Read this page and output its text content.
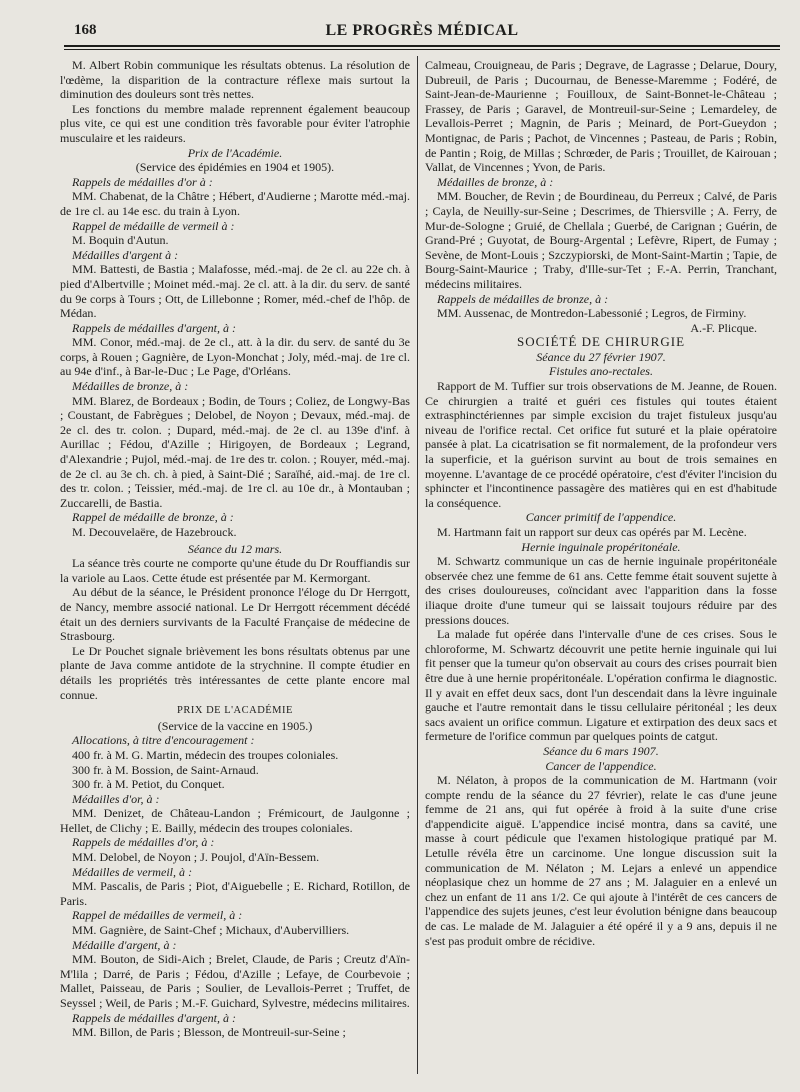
168	LE PROGRÈS MÉDICAL

M. Albert Robin communique les résultats obtenus. La résolution de l'œdème, la disparition de la contracture réflexe mais surtout la diminution des douleurs sont très nettes.

Les fonctions du membre malade reprennent également beaucoup plus vite, ce qui est une condition très favorable pour éviter l'atrophie musculaire et les raideurs.

Prix de l'Académie.

(Service des épidémies en 1904 et 1905).

Rappels de médailles d'or à :

MM. Chabenat, de la Châtre ; Hébert, d'Audierne ; Marotte méd.-maj. de 1re cl. au 14e esc. du train à Lyon.

Rappel de médaille de vermeil à :

M. Boquin d'Autun.

Médailles d'argent à :

MM. Battesti, de Bastia ; Malafosse, méd.-maj. de 2e cl. au 22e ch. à pied d'Albertville ; Moinet méd.-maj. 2e cl. att. à la dir. du serv. de santé du 9e corps à Tours ; Ott, de Lillebonne ; Romer, méd.-chef de l'hôp. de Médan.

Rappels de médailles d'argent, à :

MM. Conor, méd.-maj. de 2e cl., att. à la dir. du serv. de santé du 3e corps, à Rouen ; Gagnière, de Lyon-Monchat ; Joly, méd.-maj. de 1re cl. au 94e d'inf., à Bar-le-Duc ; Le Page, d'Orléans.

Médailles de bronze, à :

MM. Blarez, de Bordeaux ; Bodin, de Tours ; Coliez, de Longwy-Bas ; Coustant, de Fabrègues ; Delobel, de Noyon ; Devaux, méd.-maj. de 2e cl. des tr. colon. ; Dupard, méd.-maj. de 2e cl. au 139e d'inf. à Aurillac ; Fédou, d'Azille ; Hirigoyen, de Bordeaux ; Legrand, d'Alexandrie ; Pujol, méd.-maj. de 1re des tr. colon. ; Rouyer, méd.-maj. de 2e cl. au 3e ch. ch. à pied, à Saint-Dié ; Saraïhé, aid.-maj. de 1re cl. des tr. colon. ; Teissier, méd.-maj. de 1re cl. au 10e dr., à Montauban ; Zuccarelli, de Bastia.

Rappel de médaille de bronze, à :

M. Decouvelaëre, de Hazebrouck.

Séance du 12 mars.

La séance très courte ne comporte qu'une étude du Dr Rouffiandis sur la variole au Laos. Cette étude est présentée par M. Kermorgant.

Au début de la séance, le Président prononce l'éloge du Dr Herrgott, de Nancy, membre associé national. Le Dr Herrgott récemment décédé était un des derniers survivants de la Faculté Française de médecine de Strasbourg.

Le Dr Pouchet signale brièvement les bons résultats obtenus par une plante de Java comme antidote de la strychnine. Il compte étudier en détails les propriétés très intéressantes de cette plante encore mal connue.

PRIX DE L'ACADÉMIE

(Service de la vaccine en 1905.)

Allocations, à titre d'encouragement :

400 fr. à M. G. Martin, médecin des troupes coloniales.

300 fr. à M. Bossion, de Saint-Arnaud.

300 fr. à M. Petiot, du Conquet.

Médailles d'or, à :

MM. Denizet, de Château-Landon ; Frémicourt, de Jaulgonne ; Hellet, de Clichy ; E. Bailly, médecin des troupes coloniales.

Rappels de médailles d'or, à :

MM. Delobel, de Noyon ; J. Poujol, d'Aïn-Bessem.

Médailles de vermeil, à :

MM. Pascalis, de Paris ; Piot, d'Aiguebelle ; E. Richard, Rotillon, de Paris.

Rappel de médailles de vermeil, à :

MM. Gagnière, de Saint-Chef ; Michaux, d'Aubervilliers.

Médaille d'argent, à :

MM. Bouton, de Sidi-Aich ; Brelet, Claude, de Paris ; Creutz d'Aïn-M'lila ; Darré, de Paris ; Fédou, d'Azille ; Lefaye, de Courbevoie ; Mallet, Paisseau, de Paris ; Soulier, de Levallois-Perret ; Truffet, de Seyssel ; Weil, de Paris ; M.-F. Guichard, Sylvestre, médecins militaires.

Rappels de médailles d'argent, à :

MM. Billon, de Paris ; Blesson, de Montreuil-sur-Seine ;

Calmeau, Crouigneau, de Paris ; Degrave, de Lagrasse ; Delarue, Doury, Dubreuil, de Paris ; Ducournau, de Benesse-Maremme ; Fodéré, de Saint-Jean-de-Maurienne ; Fouilloux, de Saint-Bonnet-le-Château ; Frassey, de Paris ; Garavel, de Montreuil-sur-Seine ; Lemardeley, de Levallois-Perret ; Magnin, de Paris ; Meinard, de Port-Gueydon ; Montignac, de Paris ; Pachot, de Vincennes ; Pasteau, de Paris ; Robin, de Pantin ; Roig, de Millas ; Schrœder, de Paris ; Trouillet, de Kairouan ; Vallat, de Vincennes ; Yvon, de Paris.

Médailles de bronze, à :

MM. Boucher, de Revin ; de Bourdineau, du Perreux ; Calvé, de Paris ; Cayla, de Neuilly-sur-Seine ; Descrimes, de Thiersville ; A. Ferry, de Mur-de-Sologne ; Gruié, de Chellala ; Guerbé, de Carignan ; Guérin, de Grand-Pré ; Guyotat, de Bourg-Argental ; Lefèvre, Ripert, de Fumay ; Sevène, de Mont-Louis ; Szczypiorski, de Mont-Saint-Martin ; Tapie, de Bourg-Saint-Maurice ; Traby, d'Ille-sur-Tet ; F.-A. Perrin, Tranchant, médecins militaires.

Rappels de médailles de bronze, à :

MM. Aussenac, de Montredon-Labessonié ; Legros, de Firminy.

A.-F. Plicque.

SOCIÉTÉ DE CHIRURGIE

Séance du 27 février 1907.

Fistules ano-rectales.

Rapport de M. Tuffier sur trois observations de M. Jeanne, de Rouen. Ce chirurgien a traité et guéri ces fistules qui toutes étaient extrasphinctériennes par simple excision du trajet fistuleux jusqu'au niveau de l'orifice rectal. Cet orifice fut suturé et la plaie opératoire pansée à plat. La cicatrisation se fit normalement, de la profondeur vers la superficie, et la guérison survint au bout de trois semaines en moyenne. L'avantage de ce procédé opératoire, c'est d'éviter l'incision du sphincter et l'incontinence passagère des matières qui en est d'habitude la conséquence.

Cancer primitif de l'appendice.

M. Hartmann fait un rapport sur deux cas opérés par M. Lecène.

Hernie inguinale propéritonéale.

M. Schwartz communique un cas de hernie inguinale propéritonéale observée chez une femme de 61 ans. Cette femme était souvent sujette à des crises douloureuses, coïncidant avec l'apparition dans la fosse iliaque droite d'une tumeur qui se laissait toujours réduire par des pressions douces.

La malade fut opérée dans l'intervalle d'une de ces crises. Sous le chloroforme, M. Schwartz découvrit une petite hernie inguinale qui lui fit penser que la tumeur qu'on observait au cours des crises pourrait bien être due à une hernie propéritonéale. L'opération confirma le diagnostic. Il y avait en effet deux sacs, dont l'un descendait dans la lèvre inguinale gauche et l'autre remontait dans le tissu cellulaire péritonéal ; les deux sacs avaient un orifice commun. Ligature et extirpation des deux sacs et fermeture de l'orifice commun par quelques points de catgut.

Séance du 6 mars 1907.

Cancer de l'appendice.

M. Nélaton, à propos de la communication de M. Hartmann (voir compte rendu de la séance du 27 février), relate le cas d'une jeune femme de 21 ans, qui fut opérée à froid à la suite d'une crise d'appendicite aiguë. L'appendice incisé montra, dans sa cavité, une masse à court pédicule que l'examen histologique pratiqué par M. Letulle révéla être un carcinome. Une longue discussion suit la communication de M. Nélaton ; M. Lejars a enlevé un appendice néoplasique chez un homme de 27 ans ; M. Jalaguier en a enlevé un chez un enfant de 11 ans 1/2. Ce qui ajoute à l'intérêt de ces cancers de l'appendice des sujets jeunes, c'est leur évolution bénigne dans beaucoup de cas. Le malade de M. Jalaguier a été opéré il y a 9 ans, depuis il ne s'est pas produit ombre de récidive.
